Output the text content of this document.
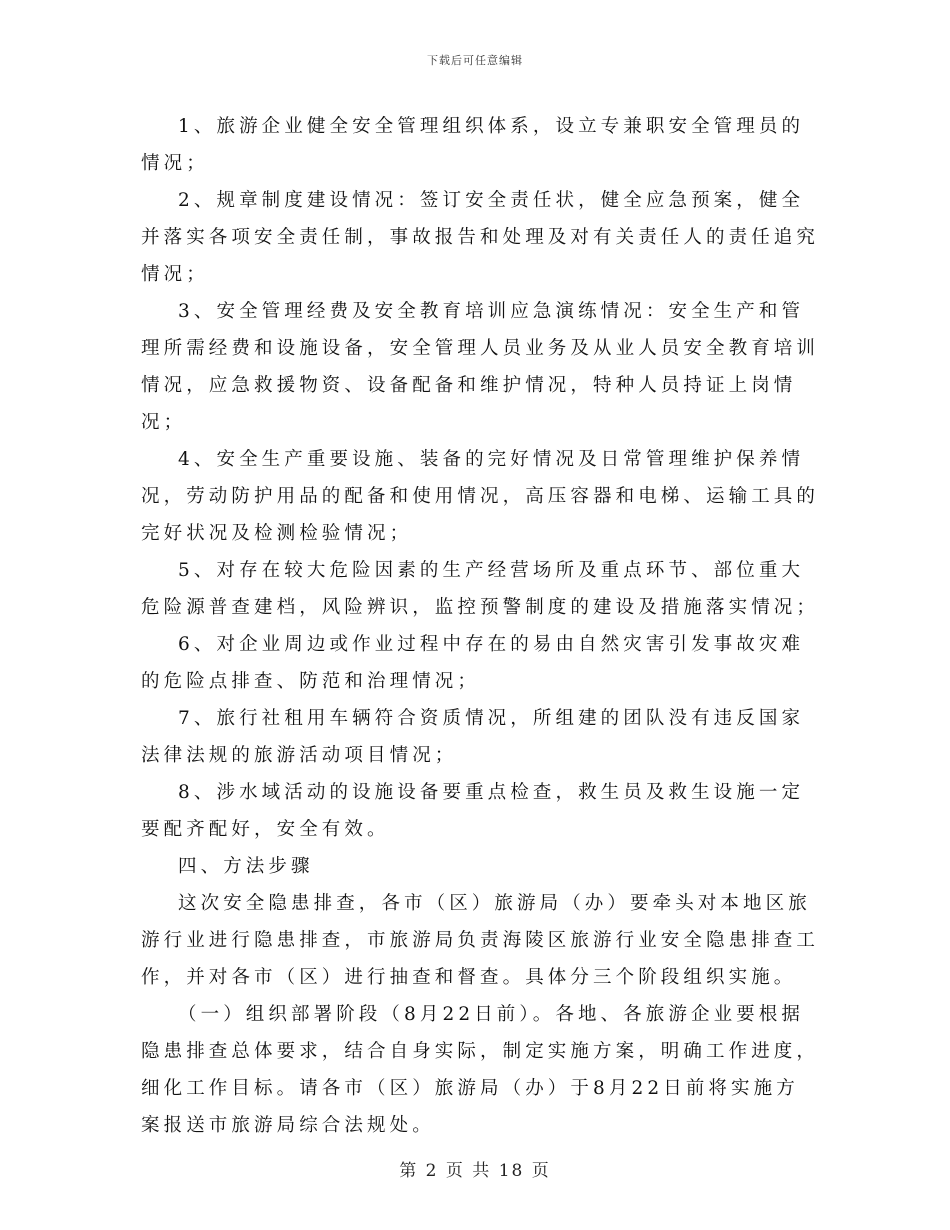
下载后可任意编辑

1、旅游企业健全安全管理组织体系，设立专兼职安全管理员的情况；

2、规章制度建设情况：签订安全责任状，健全应急预案，健全并落实各项安全责任制，事故报告和处理及对有关责任人的责任追究情况；

3、安全管理经费及安全教育培训应急演练情况：安全生产和管理所需经费和设施设备，安全管理人员业务及从业人员安全教育培训情况，应急救援物资、设备配备和维护情况，特种人员持证上岗情况；

4、安全生产重要设施、装备的完好情况及日常管理维护保养情况，劳动防护用品的配备和使用情况，高压容器和电梯、运输工具的完好状况及检测检验情况；

5、对存在较大危险因素的生产经营场所及重点环节、部位重大危险源普查建档，风险辨识，监控预警制度的建设及措施落实情况；

6、对企业周边或作业过程中存在的易由自然灾害引发事故灾难的危险点排查、防范和治理情况；

7、旅行社租用车辆符合资质情况，所组建的团队没有违反国家法律法规的旅游活动项目情况；

8、涉水域活动的设施设备要重点检查，救生员及救生设施一定要配齐配好，安全有效。

四、方法步骤

这次安全隐患排查，各市（区）旅游局（办）要牵头对本地区旅游行业进行隐患排查，市旅游局负责海陵区旅游行业安全隐患排查工作，并对各市（区）进行抽查和督查。具体分三个阶段组织实施。

（一）组织部署阶段（8月22日前）。各地、各旅游企业要根据隐患排查总体要求，结合自身实际，制定实施方案，明确工作进度，细化工作目标。请各市（区）旅游局（办）于8月22日前将实施方案报送市旅游局综合法规处。

第 2 页 共 18 页
